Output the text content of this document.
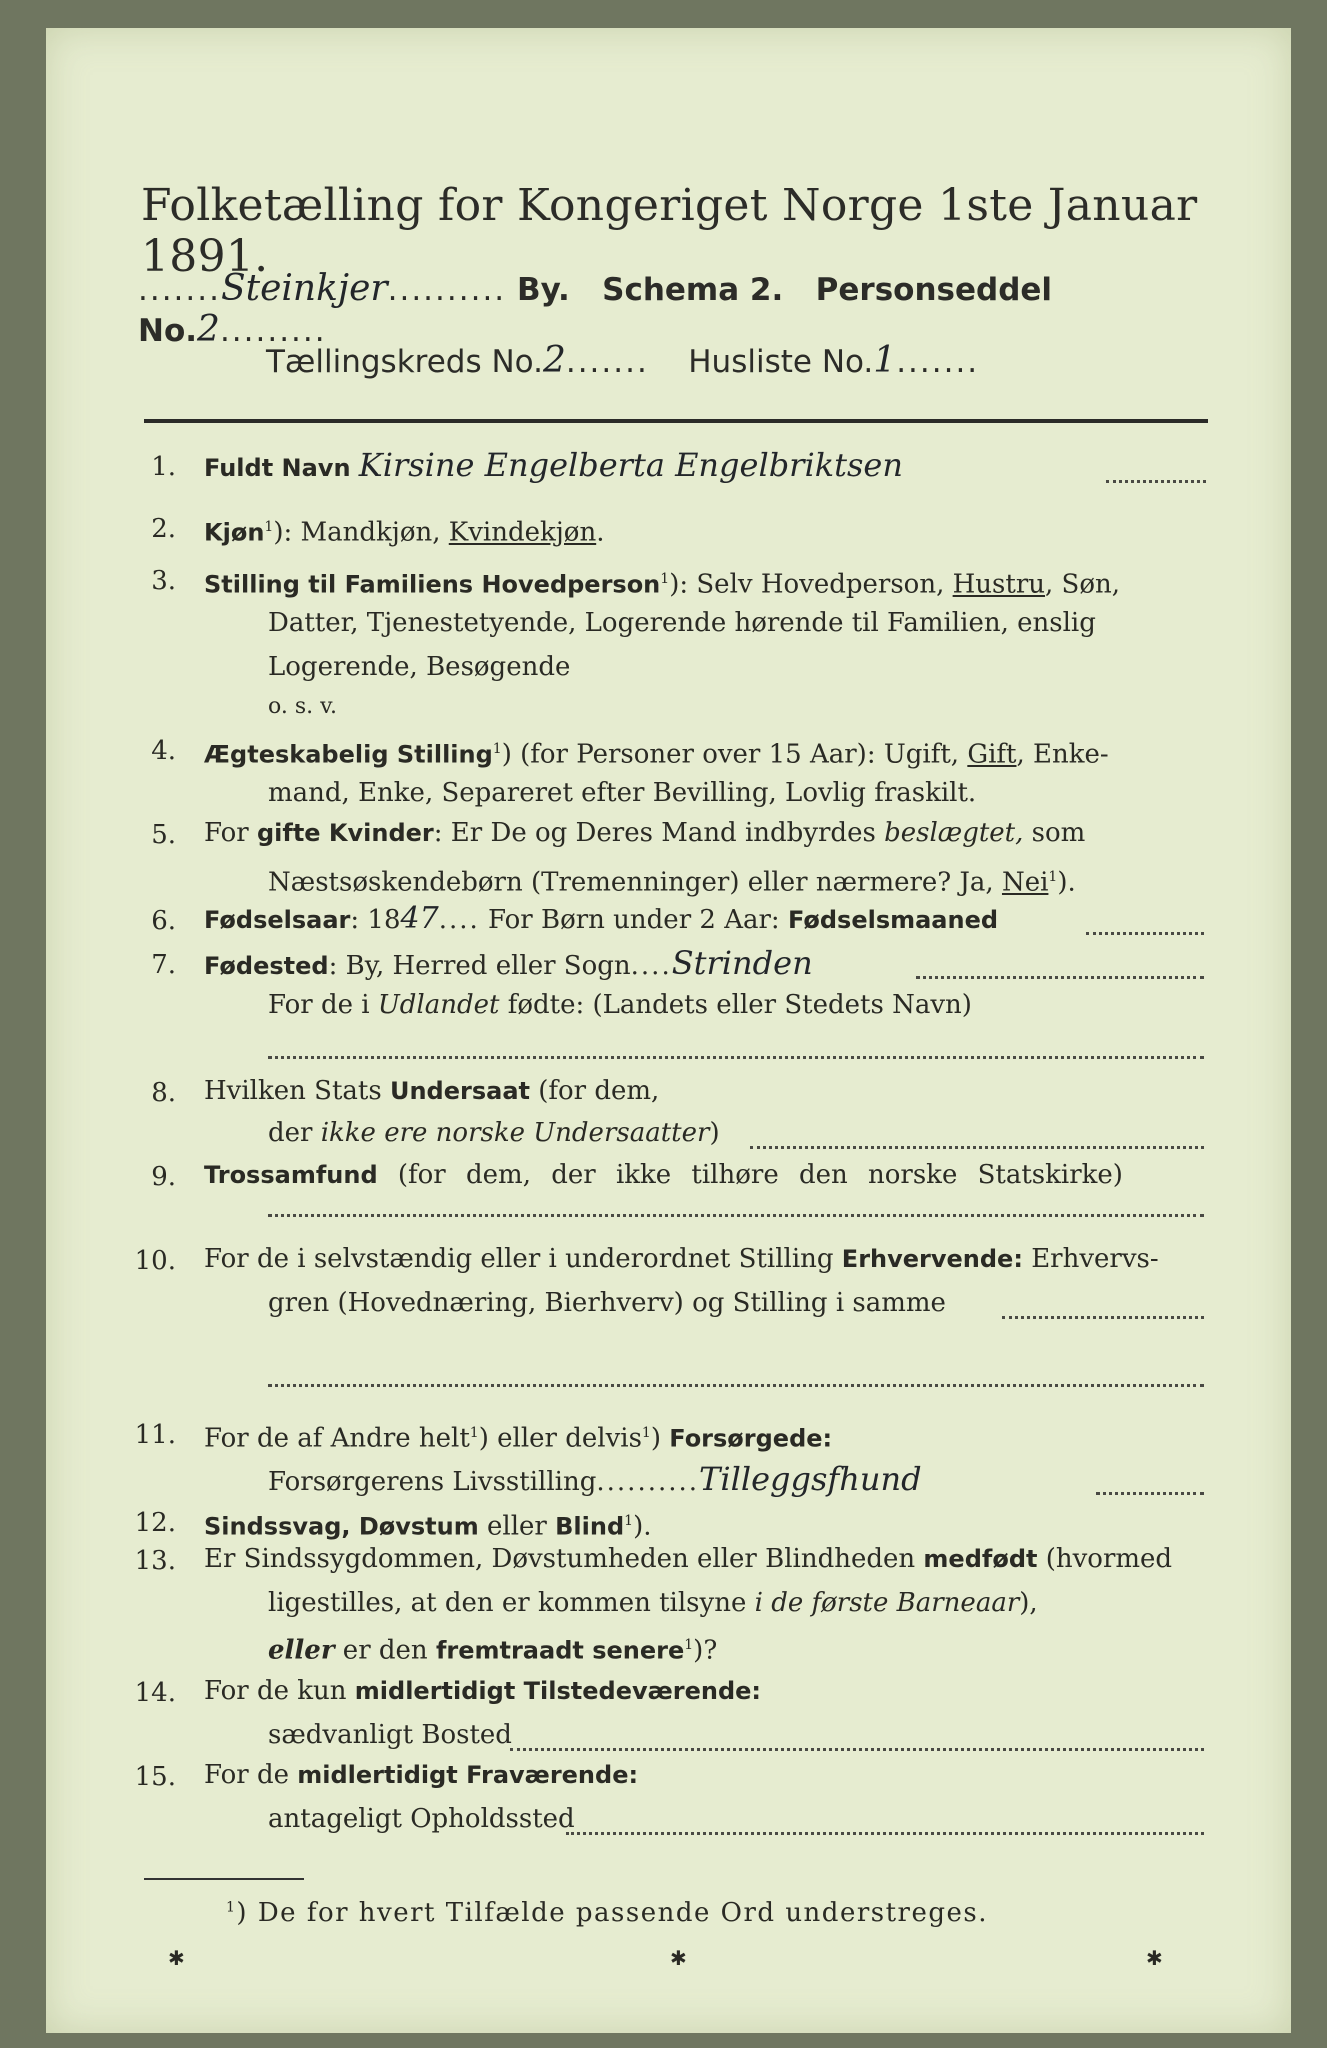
Folketælling for Kongeriget Norge 1ste Januar 1891.
.......Steinkjer.......... By. Schema 2. Personseddel No.2.........
Tællingskreds No.2....... Husliste No.1.......
1. Fuldt Navn Kirsine Engelberta Engelbriktsen
2. Kjøn$^1$): Mandkjøn, Kvindekjøn.
3. Stilling til Familiens Hovedperson$^1$): Selv Hovedperson, Hustru, Søn,
Datter, Tjenestetyende, Logerende hørende til Familien, enslig
Logerende, Besøgende
o. s. v.
4. Ægteskabelig Stilling$^1$) (for Personer over 15 Aar): Ugift, Gift, Enke-
mand, Enke, Separeret efter Bevilling, Lovlig fraskilt.
5. For gifte Kvinder: Er De og Deres Mand indbyrdes beslægtet, som
Næstsøskendebørn (Tremenninger) eller nærmere? Ja, Nei$^1$).
6. Fødselsaar: 1847.... For Børn under 2 Aar: Fødselsmaaned
7. Fødested: By, Herred eller Sogn....Strinden
For de i Udlandet fødte: (Landets eller Stedets Navn)
8. Hvilken Stats Undersaat (for dem,
der ikke ere norske Undersaatter)
9. Trossamfund (for dem, der ikke tilhøre den norske Statskirke)
10. For de i selvstændig eller i underordnet Stilling Erhvervende: Erhvervs-
gren (Hovednæring, Bierhverv) og Stilling i samme
11. For de af Andre helt$^1$) eller delvis$^1$) Forsørgede:
Forsørgerens Livsstilling..........Tilleggsfhund
12. Sindssvag, Døvstum eller Blind$^1$).
13. Er Sindssygdommen, Døvstumheden eller Blindheden medfødt (hvormed
ligestilles, at den er kommen tilsyne i de første Barneaar),
eller er den fremtraadt senere$^1$)?
14. For de kun midlertidigt Tilstedeværende:
sædvanligt Bosted
15. For de midlertidigt Fraværende:
antageligt Opholdssted
$^1$) De for hvert Tilfælde passende Ord understreges.
✱	✱	✱
